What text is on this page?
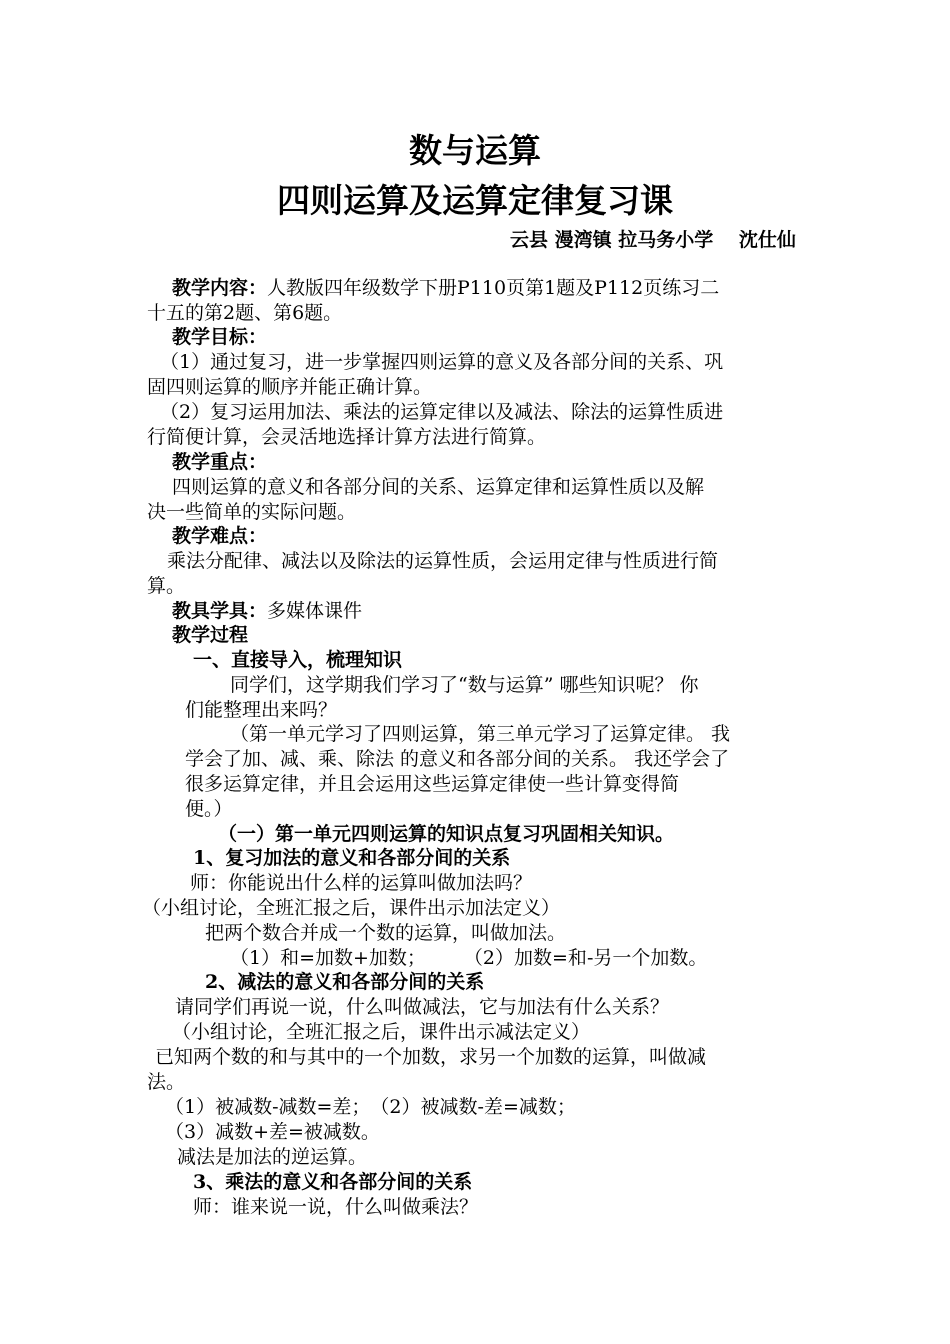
数与运算
四则运算及运算定律复习课
云县 漫湾镇 拉马务小学　 沈仕仙
教学内容：人教版四年级数学下册P110页第1题及P112页练习二
十五的第2题、第6题。
教学目标：
（1）通过复习，进一步掌握四则运算的意义及各部分间的关系、巩
固四则运算的顺序并能正确计算。
（2）复习运用加法、乘法的运算定律以及减法、除法的运算性质进
行简便计算，会灵活地选择计算方法进行简算。
教学重点：
四则运算的意义和各部分间的关系、运算定律和运算性质以及解
决一些简单的实际问题。
教学难点：
乘法分配律、减法以及除法的运算性质，会运用定律与性质进行简
算。
教具学具：多媒体课件
教学过程
一、直接导入，梳理知识
同学们，这学期我们学习了“数与运算” 哪些知识呢？ 你
们能整理出来吗？
（第一单元学习了四则运算，第三单元学习了运算定律。 我
学会了加、减、乘、除法 的意义和各部分间的关系。 我还学会了
很多运算定律，并且会运用这些运算定律使一些计算变得简
便。）
（一）第一单元四则运算的知识点复习巩固相关知识。
1、复习加法的意义和各部分间的关系
师：你能说出什么样的运算叫做加法吗？
（小组讨论，全班汇报之后，课件出示加法定义）
把两个数合并成一个数的运算，叫做加法。
（1）和=加数+加数；　　　（2）加数=和-另一个加数。
2、减法的意义和各部分间的关系
请同学们再说一说，什么叫做减法，它与加法有什么关系？
（小组讨论，全班汇报之后，课件出示减法定义）
已知两个数的和与其中的一个加数，求另一个加数的运算，叫做减
法。
（1）被减数-减数=差；　（2）被减数-差=减数；
（3）减数+差=被减数。
减法是加法的逆运算。
3、乘法的意义和各部分间的关系
师：谁来说一说，什么叫做乘法？
